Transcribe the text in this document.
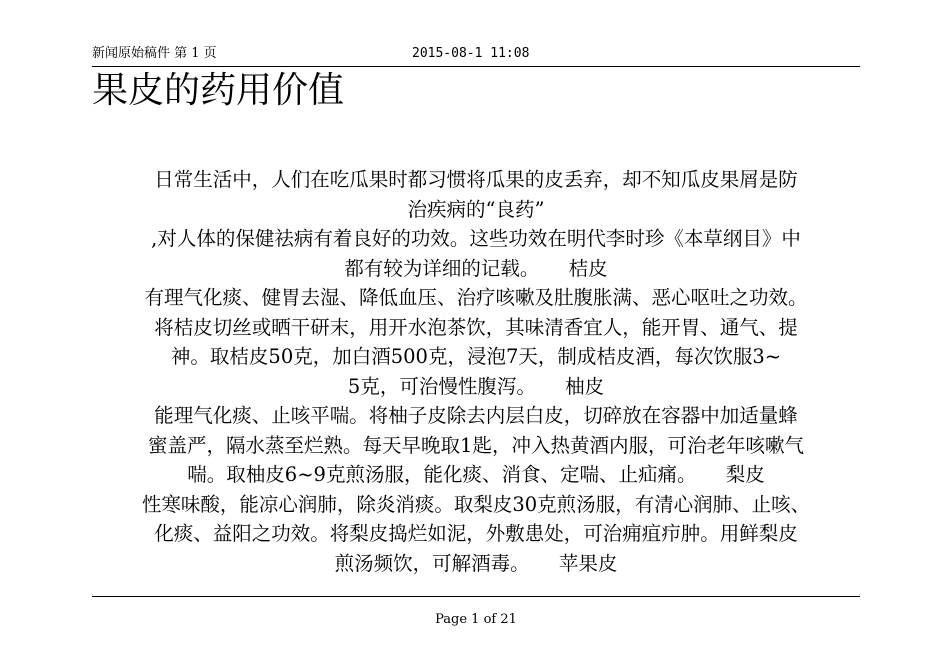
新闻原始稿件 第 1 页	2015-08-1 11:08
果皮的药用价值
日常生活中，人们在吃瓜果时都习惯将瓜果的皮丢弃，却不知瓜皮果屑是防
治疾病的“良药”
,对人体的保健祛病有着良好的功效。这些功效在明代李时珍《本草纲目》中
都有较为详细的记载。　　桔皮
有理气化痰、健胃去湿、降低血压、治疗咳嗽及肚腹胀满、恶心呕吐之功效。
将桔皮切丝或晒干研末，用开水泡茶饮，其味清香宜人，能开胃、通气、提
神。取桔皮50克，加白酒500克，浸泡7天，制成桔皮酒，每次饮服3~
5克，可治慢性腹泻。　　柚皮
能理气化痰、止咳平喘。将柚子皮除去内层白皮，切碎放在容器中加适量蜂
蜜盖严，隔水蒸至烂熟。每天早晚取1匙，冲入热黄酒内服，可治老年咳嗽气
喘。取柚皮6~9克煎汤服，能化痰、消食、定喘、止疝痛。　　梨皮
性寒味酸，能凉心润肺，除炎消痰。取梨皮30克煎汤服，有清心润肺、止咳、
化痰、益阳之功效。将梨皮捣烂如泥，外敷患处，可治痈疽疖肿。用鲜梨皮
煎汤频饮，可解酒毒。　　苹果皮
Page 1 of 21
